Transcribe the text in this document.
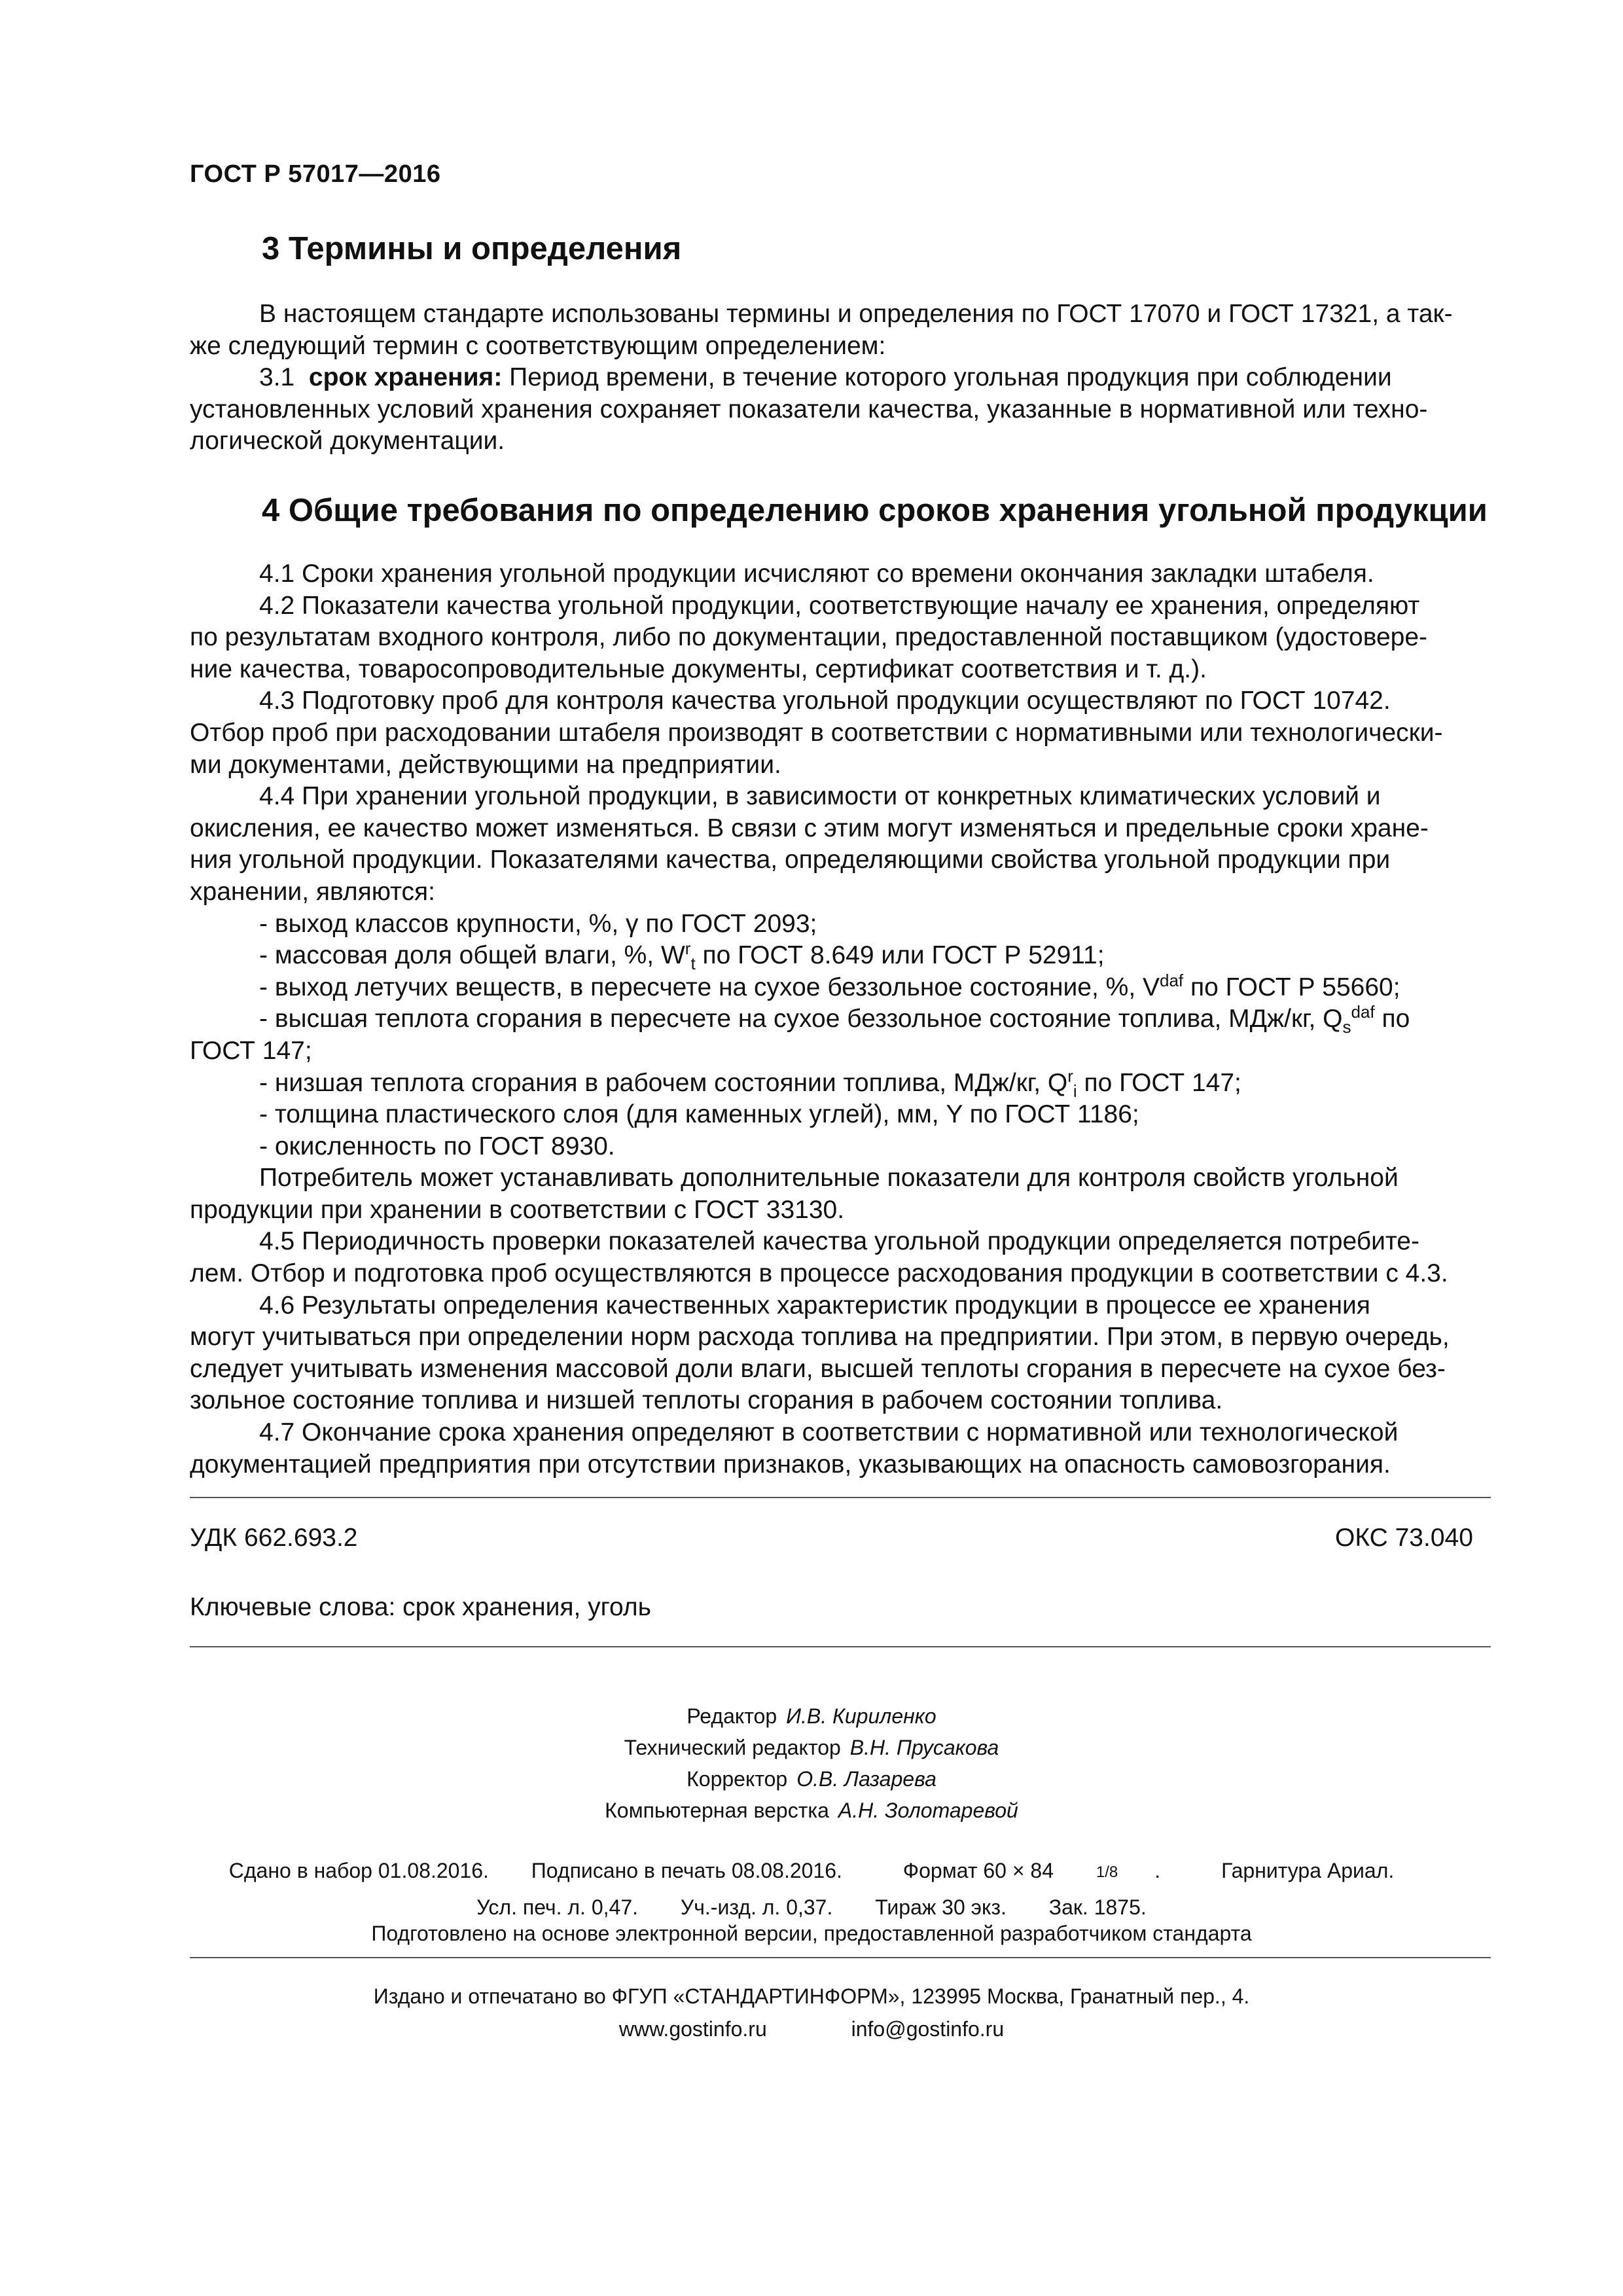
ГОСТ Р 57017—2016
3 Термины и определения

В настоящем стандарте использованы термины и определения по ГОСТ 17070 и ГОСТ 17321, а так-
же следующий термин с соответствующим определением:

3.1 срок хранения: Период времени, в течение которого угольная продукция при соблюдении

установленных условий хранения сохраняет показатели качества, указанные в нормативной или техно-

логической документации.

4 Общие требования по определению сроков хранения угольной продукции

4.1 Сроки хранения угольной продукции исчисляют со времени окончания закладки штабеля.

4.2 Показатели качества угольной продукции, соответствующие началу ее хранения, определяют

по результатам входного контроля, либо по документации, предоставленной поставщиком (удостовере-

ние качества, товаросопроводительные документы, сертификат соответствия и т. д.).

4.3 Подготовку проб для контроля качества угольной продукции осуществляют по ГОСТ 10742.

Отбор проб при расходовании штабеля производят в соответствии с нормативными или технологически-

ми документами, действующими на предприятии.

4.4 При хранении угольной продукции, в зависимости от конкретных климатических условий и

окисления, ее качество может изменяться. В связи с этим могут изменяться и предельные сроки хране-

ния угольной продукции. Показателями качества, определяющими свойства угольной продукции при

хранении, являются:

- выход классов крупности, %, γ по ГОСТ 2093;

- массовая доля общей влаги, %, $W^r_t$ по ГОСТ 8.649 или ГОСТ Р 52911;

- выход летучих веществ, в пересчете на сухое беззольное состояние, %, $V^{daf}$ по ГОСТ Р 55660;

- высшая теплота сгорания в пересчете на сухое беззольное состояние топлива, МДж/кг, $Q_s^{daf}$ по

ГОСТ 147;

- низшая теплота сгорания в рабочем состоянии топлива, МДж/кг, $Q^r_i$ по ГОСТ 147;

- толщина пластического слоя (для каменных углей), мм, Y по ГОСТ 1186;

- окисленность по ГОСТ 8930.

Потребитель может устанавливать дополнительные показатели для контроля свойств угольной

продукции при хранении в соответствии с ГОСТ 33130.

4.5 Периодичность проверки показателей качества угольной продукции определяется потребите-

лем. Отбор и подготовка проб осуществляются в процессе расходования продукции в соответствии с 4.3.

4.6 Результаты определения качественных характеристик продукции в процессе ее хранения

могут учитываться при определении норм расхода топлива на предприятии. При этом, в первую очередь,

следует учитывать изменения массовой доли влаги, высшей теплоты сгорания в пересчете на сухое без-

зольное состояние топлива и низшей теплоты сгорания в рабочем состоянии топлива.

4.7 Окончание срока хранения определяют в соответствии с нормативной или технологической

документацией предприятия при отсутствии признаков, указывающих на опасность самовозгорания.

УДК 662.693.2	ОКС 73.040
Ключевые слова: срок хранения, уголь
Редактор И.В. Кириленко
Технический редактор В.Н. Прусакова
Корректор О.В. Лазарева
Компьютерная верстка А.Н. Золотаревой
Сдано в набор 01.08.2016. Подписано в печать 08.08.2016.	Формат 60 × 84	1/8 .	Гарнитура Ариал.
Усл. печ. л. 0,47. Уч.-изд. л. 0,37. Тираж 30 экз. Зак. 1875.
Подготовлено на основе электронной версии, предоставленной разработчиком стандарта
Издано и отпечатано во ФГУП «СТАНДАРТИНФОРМ», 123995 Москва, Гранатный пер., 4.
www.gostinfo.ru	info@gostinfo.ru
